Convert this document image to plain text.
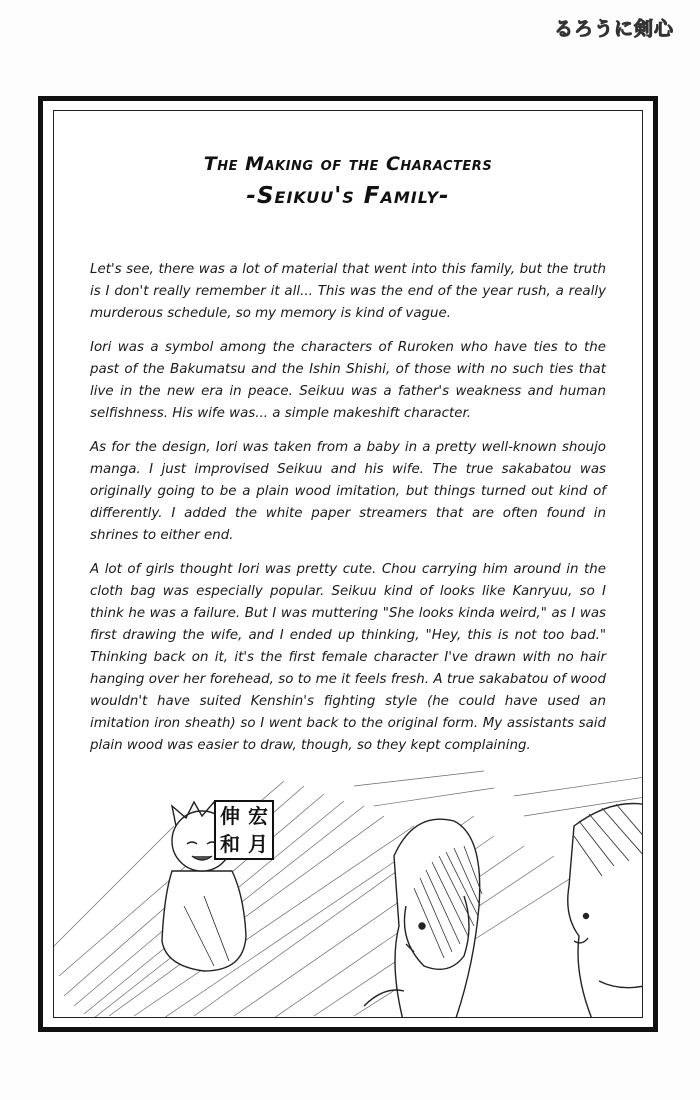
るろうに剣心
The Making of the Characters
-Seikuu's Family-

Let's see, there was a lot of material that went into this family, but the truth is I don't really remember it all... This was the end of the year rush, a really murderous schedule, so my memory is kind of vague.

Iori was a symbol among the characters of Ruroken who have ties to the past of the Bakumatsu and the Ishin Shishi, of those with no such ties that live in the new era in peace. Seikuu was a father's weakness and human selfishness. His wife was... a simple makeshift character.

As for the design, Iori was taken from a baby in a pretty well-known shoujo manga. I just improvised Seikuu and his wife. The true sakabatou was originally going to be a plain wood imitation, but things turned out kind of differently. I added the white paper streamers that are often found in shrines to either end.

A lot of girls thought Iori was pretty cute. Chou carrying him around in the cloth bag was especially popular. Seikuu kind of looks like Kanryuu, so I think he was a failure. But I was muttering "She looks kinda weird," as I was first drawing the wife, and I ended up thinking, "Hey, this is not too bad." Thinking back on it, it's the first female character I've drawn with no hair hanging over her forehead, so to me it feels fresh. A true sakabatou of wood wouldn't have suited Kenshin's fighting style (he could have used an imitation iron sheath) so I went back to the original form. My assistants said plain wood was easier to draw, though, so they kept complaining.

伸 宏
和 月
